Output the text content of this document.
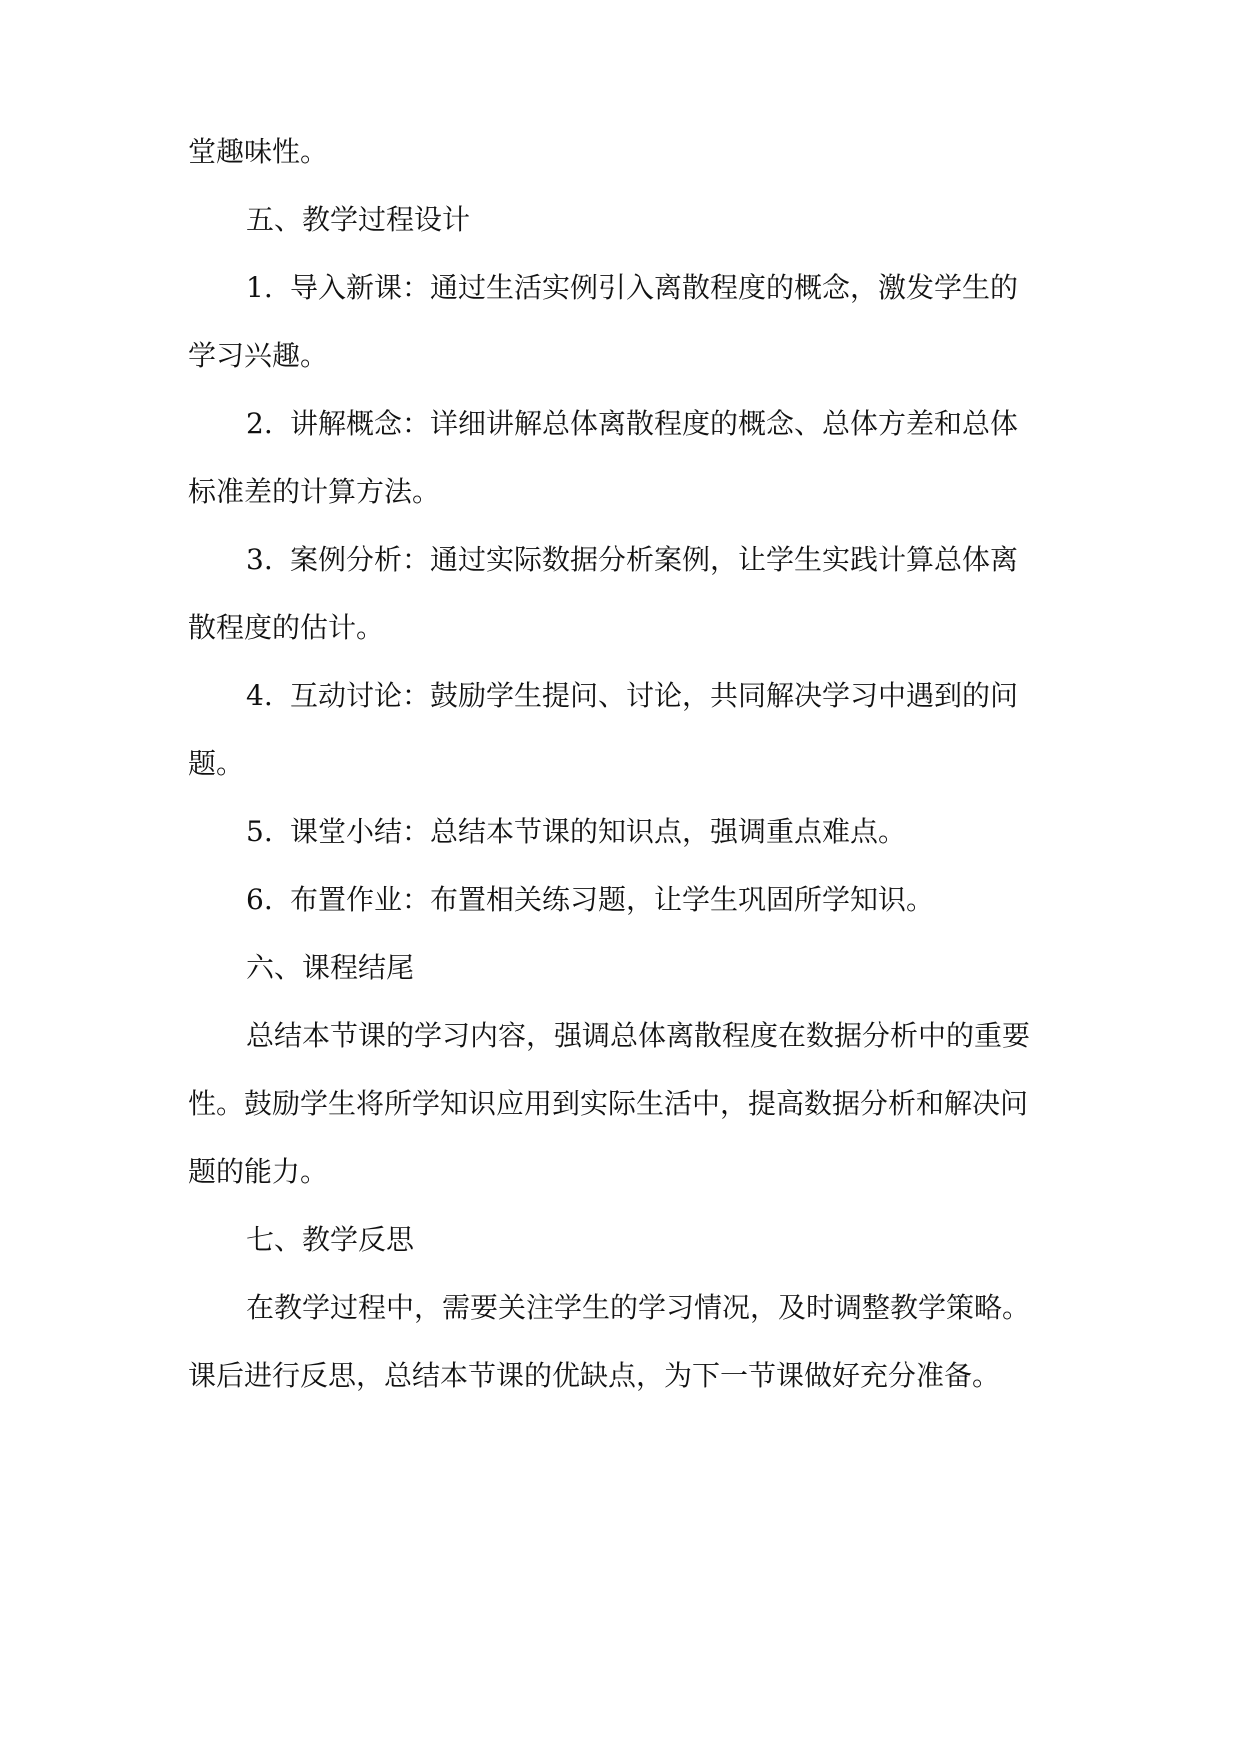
堂趣味性。
五、教学过程设计
1. 导入新课：通过生活实例引入离散程度的概念，激发学生的
学习兴趣。
2. 讲解概念：详细讲解总体离散程度的概念、总体方差和总体
标准差的计算方法。
3. 案例分析：通过实际数据分析案例，让学生实践计算总体离
散程度的估计。
4. 互动讨论：鼓励学生提问、讨论，共同解决学习中遇到的问
题。
5. 课堂小结：总结本节课的知识点，强调重点难点。
6. 布置作业：布置相关练习题，让学生巩固所学知识。
六、课程结尾
总结本节课的学习内容，强调总体离散程度在数据分析中的重要
性。鼓励学生将所学知识应用到实际生活中，提高数据分析和解决问
题的能力。
七、教学反思
在教学过程中，需要关注学生的学习情况，及时调整教学策略。
课后进行反思，总结本节课的优缺点，为下一节课做好充分准备。
